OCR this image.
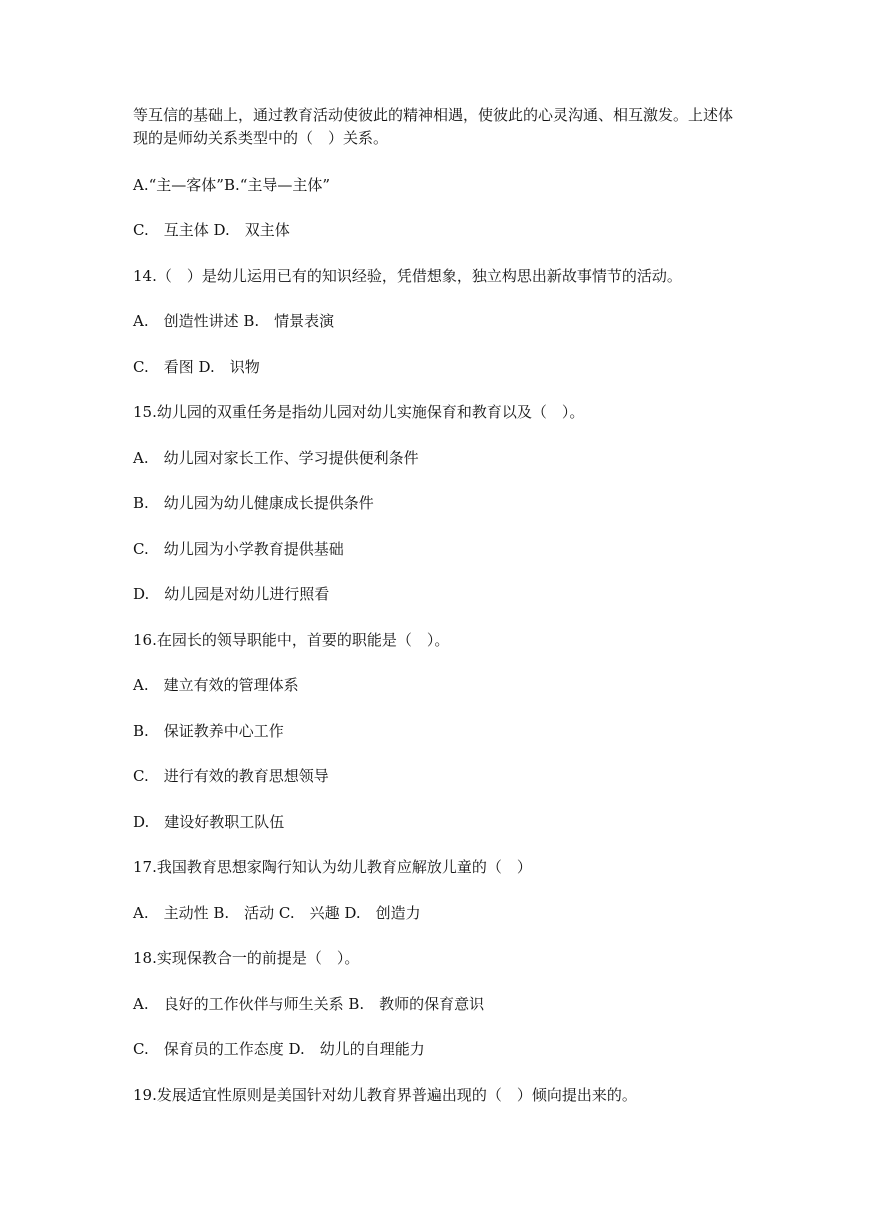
等互信的基础上，通过教育活动使彼此的精神相遇，使彼此的心灵沟通、相互激发。上述体

现的是师幼关系类型中的（　）关系。

A.“主—客体”B.“主导—主体”

C.　互主体 D.　双主体

14.（　）是幼儿运用已有的知识经验，凭借想象，独立构思出新故事情节的活动。

A.　创造性讲述 B.　情景表演

C.　看图 D.　识物

15.幼儿园的双重任务是指幼儿园对幼儿实施保育和教育以及（　）。

A.　幼儿园对家长工作、学习提供便利条件

B.　幼儿园为幼儿健康成长提供条件

C.　幼儿园为小学教育提供基础

D.　幼儿园是对幼儿进行照看

16.在园长的领导职能中，首要的职能是（　）。

A.　建立有效的管理体系

B.　保证教养中心工作

C.　进行有效的教育思想领导

D.　建设好教职工队伍

17.我国教育思想家陶行知认为幼儿教育应解放儿童的（　）

A.　主动性 B.　活动 C.　兴趣 D.　创造力

18.实现保教合一的前提是（　）。

A.　良好的工作伙伴与师生关系 B.　教师的保育意识

C.　保育员的工作态度 D.　幼儿的自理能力

19.发展适宜性原则是美国针对幼儿教育界普遍出现的（　）倾向提出来的。
